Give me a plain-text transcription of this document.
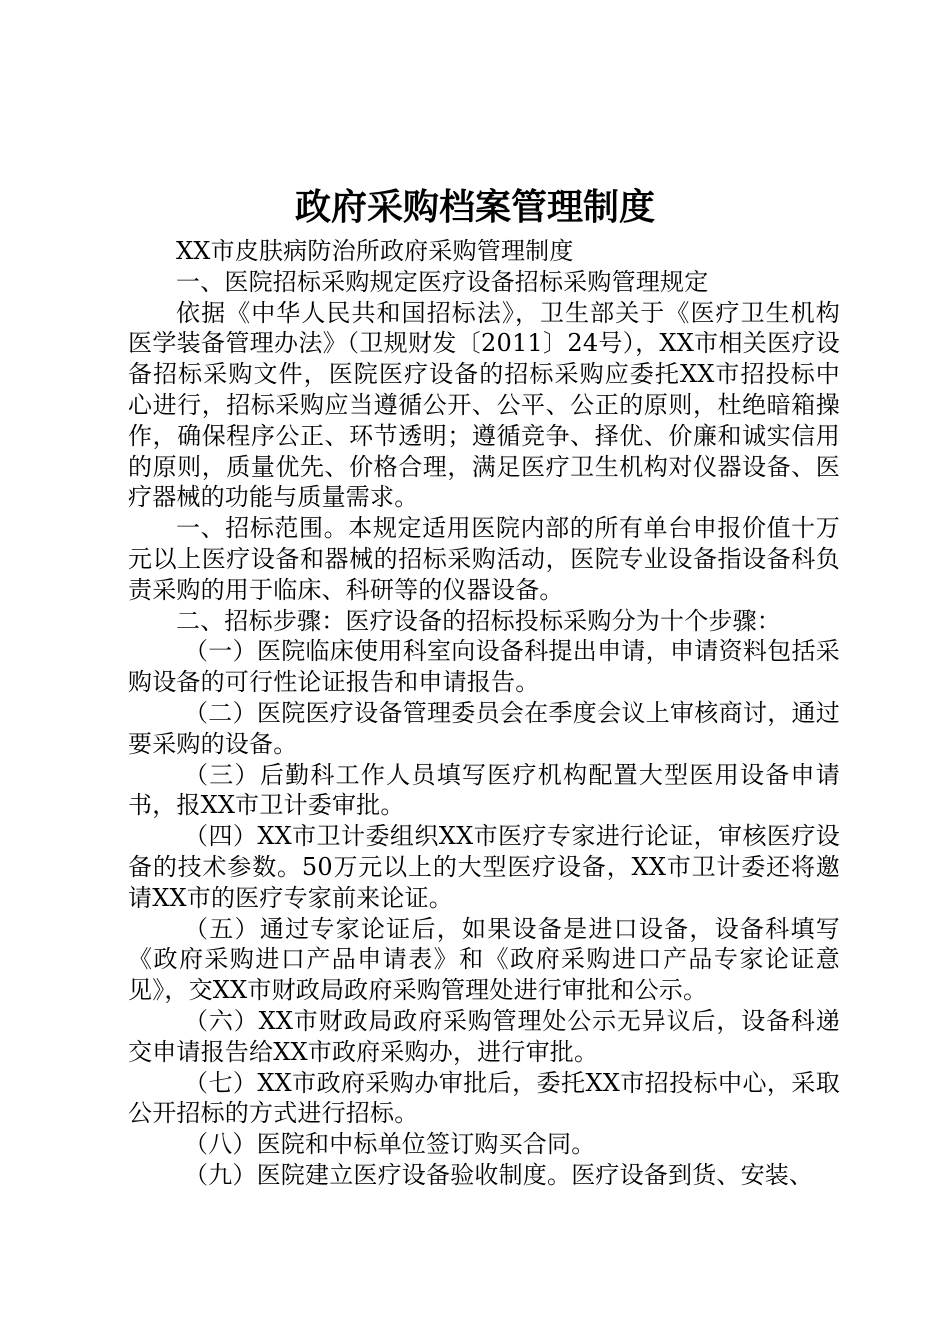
政府采购档案管理制度

XX市皮肤病防治所政府采购管理制度

一、医院招标采购规定医疗设备招标采购管理规定

依据《中华人民共和国招标法》，卫生部关于《医疗卫生机构医学装备管理办法》（卫规财发〔2011〕24号），XX市相关医疗设备招标采购文件，医院医疗设备的招标采购应委托XX市招投标中心进行，招标采购应当遵循公开、公平、公正的原则，杜绝暗箱操作，确保程序公正、环节透明；遵循竞争、择优、价廉和诚实信用的原则，质量优先、价格合理，满足医疗卫生机构对仪器设备、医疗器械的功能与质量需求。

一、招标范围。本规定适用医院内部的所有单台申报价值十万元以上医疗设备和器械的招标采购活动，医院专业设备指设备科负责采购的用于临床、科研等的仪器设备。

二、招标步骤：医疗设备的招标投标采购分为十个步骤：

（一）医院临床使用科室向设备科提出申请，申请资料包括采购设备的可行性论证报告和申请报告。

（二）医院医疗设备管理委员会在季度会议上审核商讨，通过要采购的设备。

（三）后勤科工作人员填写医疗机构配置大型医用设备申请书，报XX市卫计委审批。

（四）XX市卫计委组织XX市医疗专家进行论证，审核医疗设备的技术参数。50万元以上的大型医疗设备，XX市卫计委还将邀请XX市的医疗专家前来论证。

（五）通过专家论证后，如果设备是进口设备，设备科填写《政府采购进口产品申请表》和《政府采购进口产品专家论证意见》，交XX市财政局政府采购管理处进行审批和公示。

（六）XX市财政局政府采购管理处公示无异议后，设备科递交申请报告给XX市政府采购办，进行审批。

（七）XX市政府采购办审批后，委托XX市招投标中心，采取公开招标的方式进行招标。

（八）医院和中标单位签订购买合同。

（九）医院建立医疗设备验收制度。医疗设备到货、安装、
